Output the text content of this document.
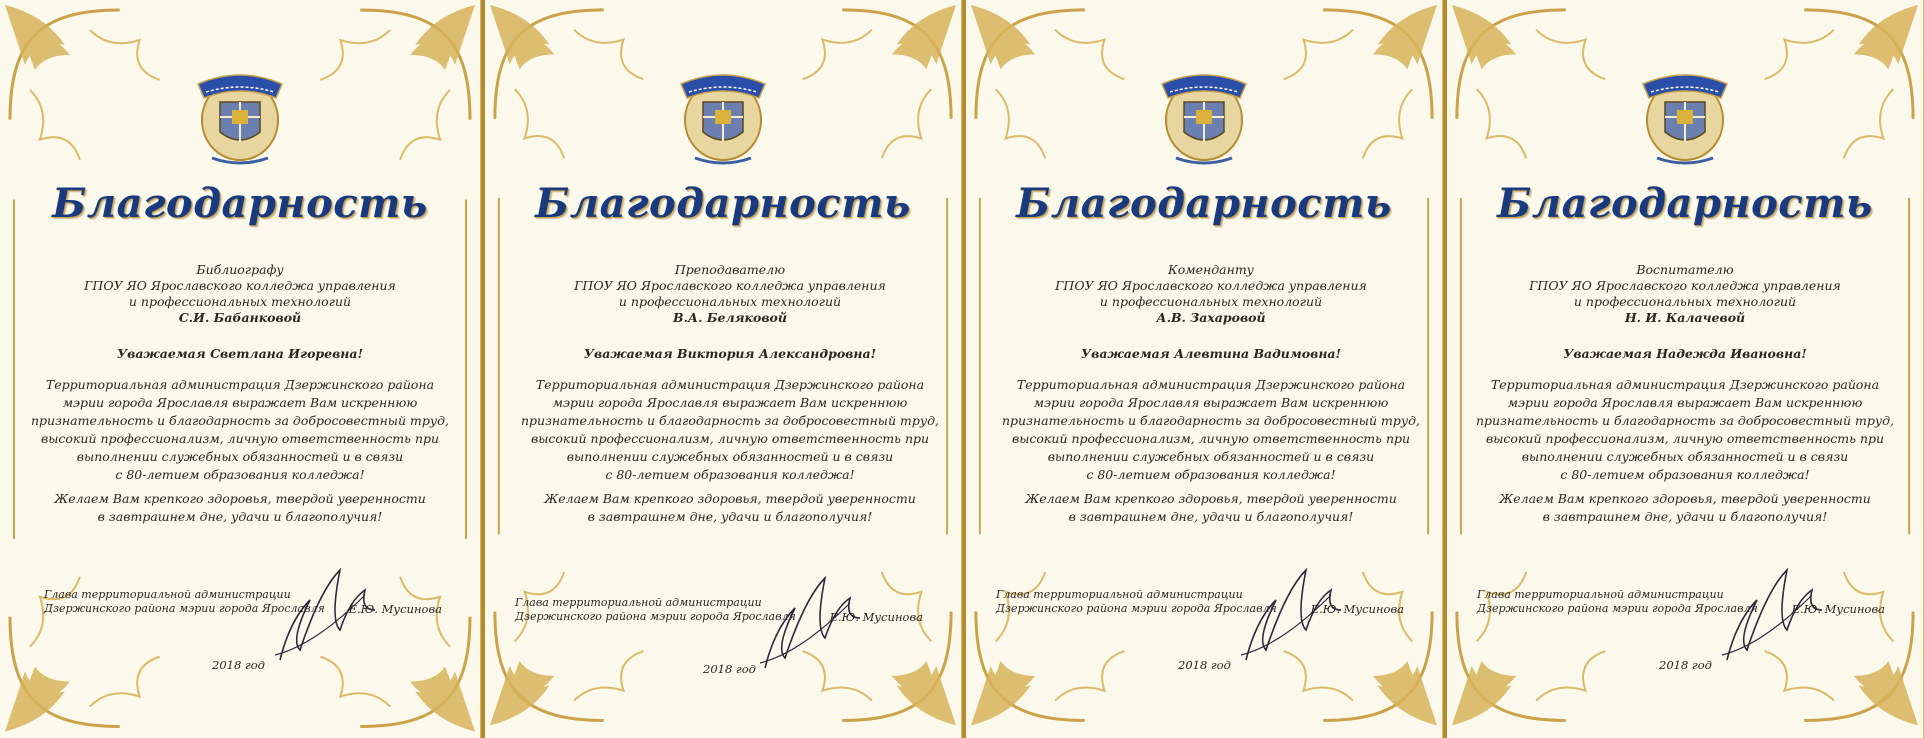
Благодарность
Библиографу
ГПОУ ЯО Ярославского колледжа управления
и профессиональных технологий
С.И. Бабанковой
Уважаемая Светлана Игоревна!
Территориальная администрация Дзержинского района
мэрии города Ярославля выражает Вам искреннюю
признательность и благодарность за добросовестный труд,
высокий профессионализм, личную ответственность при
выполнении служебных обязанностей и в связи
с 80-летием образования колледжа!
Желаем Вам крепкого здоровья, твердой уверенности
в завтрашнем дне, удачи и благополучия!
Глава территориальной администрации
Дзержинского района мэрии города Ярославля Е.Ю. Мусинова
2018 год
Благодарность
Преподавателю
ГПОУ ЯО Ярославского колледжа управления
и профессиональных технологий
В.А. Беляковой
Уважаемая Виктория Александровна!
Территориальная администрация Дзержинского района
мэрии города Ярославля выражает Вам искреннюю
признательность и благодарность за добросовестный труд,
высокий профессионализм, личную ответственность при
выполнении служебных обязанностей и в связи
с 80-летием образования колледжа!
Желаем Вам крепкого здоровья, твердой уверенности
в завтрашнем дне, удачи и благополучия!
Глава территориальной администрации
Дзержинского района мэрии города Ярославля	Е.Ю. Мусинова
2018 год
Благодарность
Коменданту
ГПОУ ЯО Ярославского колледжа управления
и профессиональных технологий
А.В. Захаровой
Уважаемая Алевтина Вадимовна!
Территориальная администрация Дзержинского района
мэрии города Ярославля выражает Вам искреннюю
признательность и благодарность за добросовестный труд,
высокий профессионализм, личную ответственность при
выполнении служебных обязанностей и в связи
с 80-летием образования колледжа!
Желаем Вам крепкого здоровья, твердой уверенности
в завтрашнем дне, удачи и благополучия!
Глава территориальной администрации
Дзержинского района мэрии города Ярославля	Е.Ю. Мусинова
2018 год
Благодарность
Воспитателю
ГПОУ ЯО Ярославского колледжа управления
и профессиональных технологий
Н. И. Калачевой
Уважаемая Надежда Ивановна!
Территориальная администрация Дзержинского района
мэрии города Ярославля выражает Вам искреннюю
признательность и благодарность за добросовестный труд,
высокий профессионализм, личную ответственность при
выполнении служебных обязанностей и в связи
с 80-летием образования колледжа!
Желаем Вам крепкого здоровья, твердой уверенности
в завтрашнем дне, удачи и благополучия!
Глава территориальной администрации
Дзержинского района мэрии города Ярославля	Е.Ю. Мусинова
2018 год
